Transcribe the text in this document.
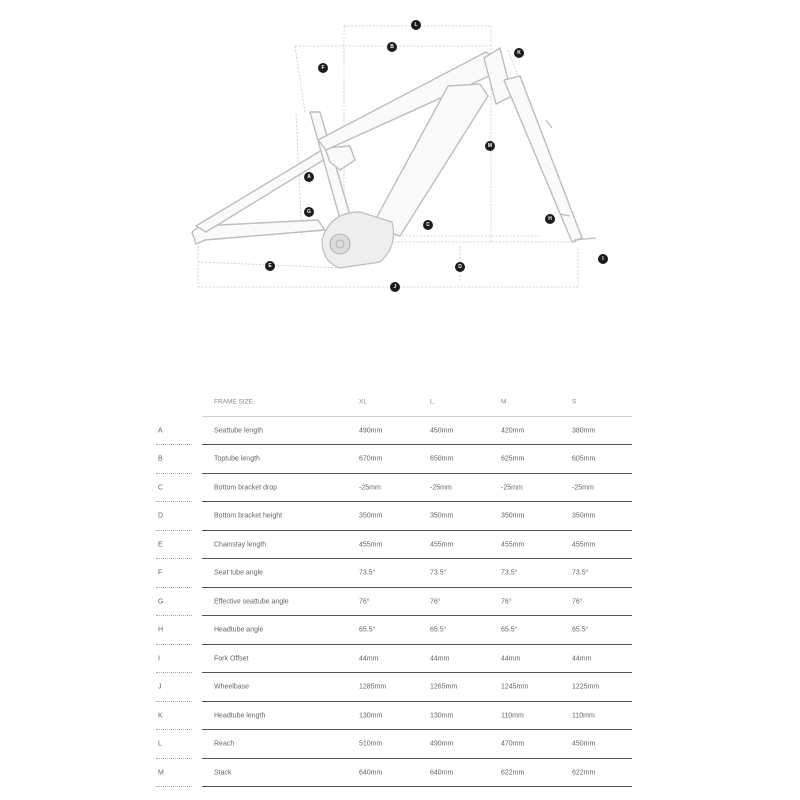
L
B
K
F
M
A
G
C
H
I
E	D
J
FRAME SIZE	XL	L	M	S
A	Seattube length	490mm	450mm	420mm	380mm
B	Toptube length	670mm	650mm	625mm	605mm
C	Bottom bracket drop	-25mm	-25mm	-25mm	-25mm
D	Bottom bracket height	350mm	350mm	350mm	350mm
E	Chainstay length	455mm	455mm	455mm	455mm
F	Seat tube angle	73.5°	73.5°	73.5°	73.5°
G	Effective seattube angle	76°	76°	76°	76°
H	Headtube angle	65.5°	65.5°	65.5°	65.5°
I	Fork Offset	44mm	44mm	44mm	44mm
J	Wheelbase	1285mm	1265mm	1245mm	1225mm
K	Headtube length	130mm	130mm	110mm	110mm
L	Reach	510mm	490mm	470mm	450mm
M	Stack	640mm	640mm	622mm	622mm
